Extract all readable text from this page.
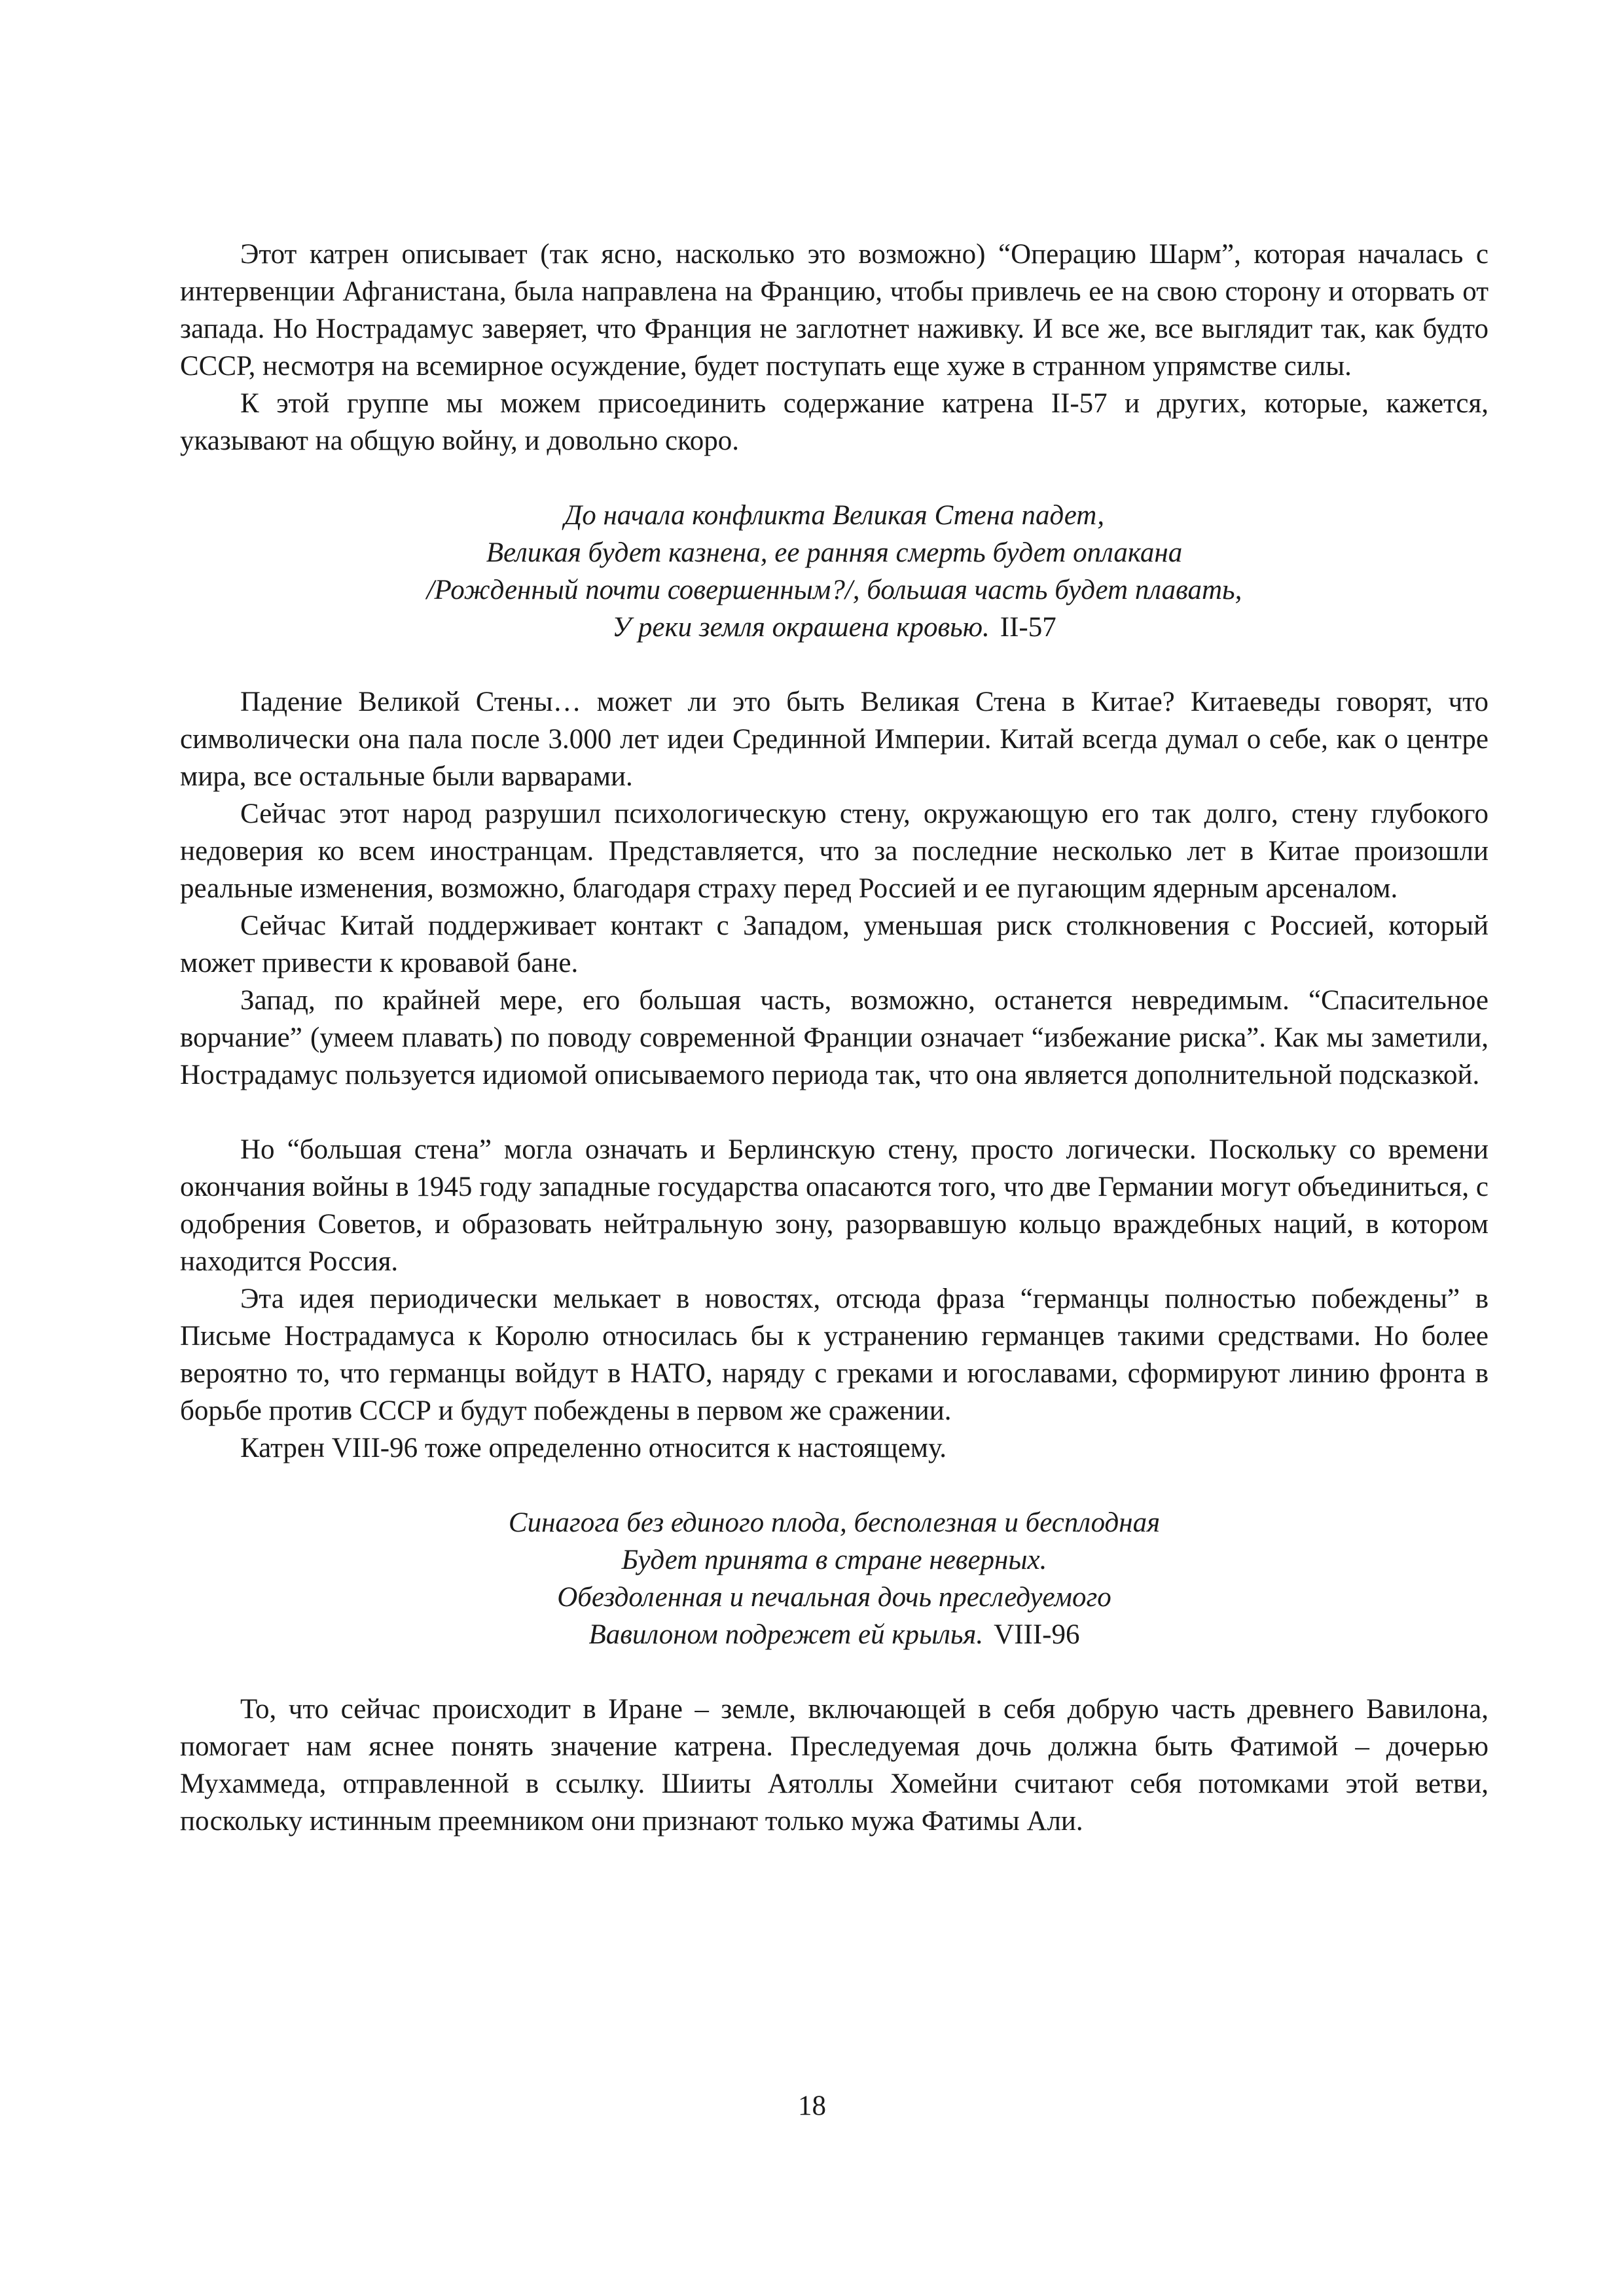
Этот катрен описывает (так ясно, насколько это возможно) “Операцию Шарм”, которая началась с интервенции Афганистана, была направлена на Францию, чтобы привлечь ее на свою сторону и оторвать от запада. Но Нострадамус заверяет, что Франция не заглотнет наживку. И все же, все выглядит так, как будто СССР, несмотря на всемирное осуждение, будет поступать еще хуже в странном упрямстве силы.

К этой группе мы можем присоединить содержание катрена II-57 и других, которые, кажется, указывают на общую войну, и довольно скоро.

До начала конфликта Великая Стена падет,
Великая будет казнена, ее ранняя смерть будет оплакана
/Рожденный почти совершенным?/, большая часть будет плавать,
У реки земля окрашена кровью. II-57

Падение Великой Стены… может ли это быть Великая Стена в Китае? Китаеведы говорят, что символически она пала после 3.000 лет идеи Срединной Империи. Китай всегда думал о себе, как о центре мира, все остальные были варварами.

Сейчас этот народ разрушил психологическую стену, окружающую его так долго, стену глубокого недоверия ко всем иностранцам. Представляется, что за последние несколько лет в Китае произошли реальные изменения, возможно, благодаря страху перед Россией и ее пугающим ядерным арсеналом.

Сейчас Китай поддерживает контакт с Западом, уменьшая риск столкновения с Россией, который может привести к кровавой бане.

Запад, по крайней мере, его большая часть, возможно, останется невредимым. “Спасительное ворчание” (умеем плавать) по поводу современной Франции означает “избежание риска”. Как мы заметили, Нострадамус пользуется идиомой описываемого периода так, что она является дополнительной подсказкой.

Но “большая стена” могла означать и Берлинскую стену, просто логически. Поскольку со времени окончания войны в 1945 году западные государства опасаются того, что две Германии могут объединиться, с одобрения Советов, и образовать нейтральную зону, разорвавшую кольцо враждебных наций, в котором находится Россия.

Эта идея периодически мелькает в новостях, отсюда фраза “германцы полностью побеждены” в Письме Нострадамуса к Королю относилась бы к устранению германцев такими средствами. Но более вероятно то, что германцы войдут в НАТО, наряду с греками и югославами, сформируют линию фронта в борьбе против СССР и будут побеждены в первом же сражении.

Катрен VIII-96 тоже определенно относится к настоящему.

Синагога без единого плода, бесполезная и бесплодная
Будет принята в стране неверных.
Обездоленная и печальная дочь преследуемого
Вавилоном подрежет ей крылья. VIII-96

То, что сейчас происходит в Иране – земле, включающей в себя добрую часть древнего Вавилона, помогает нам яснее понять значение катрена. Преследуемая дочь должна быть Фатимой – дочерью Мухаммеда, отправленной в ссылку. Шииты Аятоллы Хомейни считают себя потомками этой ветви, поскольку истинным преемником они признают только мужа Фатимы Али.

18
